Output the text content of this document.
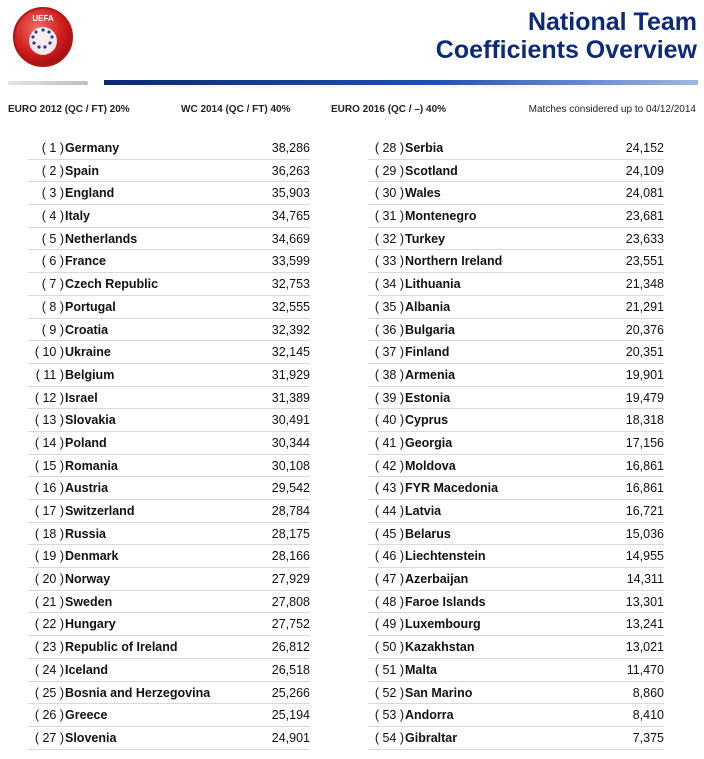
UEFA	National Team
Coefficients Overview
EURO 2012 (QC / FT) 20%	WC 2014 (QC / FT) 40%	EURO 2016 (QC / –) 40%	Matches considered up to 04/12/2014
( 1 ) Germany	38,286
( 2 ) Spain	36,263
( 3 ) England	35,903
( 4 ) Italy	34,765
( 5 ) Netherlands	34,669
( 6 ) France	33,599
( 7 ) Czech Republic	32,753
( 8 ) Portugal	32,555
( 9 ) Croatia	32,392
( 10 ) Ukraine	32,145
( 11 ) Belgium	31,929
( 12 ) Israel	31,389
( 13 ) Slovakia	30,491
( 14 ) Poland	30,344
( 15 ) Romania	30,108
( 16 ) Austria	29,542
( 17 ) Switzerland	28,784
( 18 ) Russia	28,175
( 19 ) Denmark	28,166
( 20 ) Norway	27,929
( 21 ) Sweden	27,808
( 22 ) Hungary	27,752
( 23 ) Republic of Ireland	26,812
( 24 ) Iceland	26,518
( 25 ) Bosnia and Herzegovina	25,266
( 26 ) Greece	25,194
( 27 ) Slovenia	24,901
( 28 ) Serbia	24,152
( 29 ) Scotland	24,109
( 30 ) Wales	24,081
( 31 ) Montenegro	23,681
( 32 ) Turkey	23,633
( 33 ) Northern Ireland	23,551
( 34 ) Lithuania	21,348
( 35 ) Albania	21,291
( 36 ) Bulgaria	20,376
( 37 ) Finland	20,351
( 38 ) Armenia	19,901
( 39 ) Estonia	19,479
( 40 ) Cyprus	18,318
( 41 ) Georgia	17,156
( 42 ) Moldova	16,861
( 43 ) FYR Macedonia	16,861
( 44 ) Latvia	16,721
( 45 ) Belarus	15,036
( 46 ) Liechtenstein	14,955
( 47 ) Azerbaijan	14,311
( 48 ) Faroe Islands	13,301
( 49 ) Luxembourg	13,241
( 50 ) Kazakhstan	13,021
( 51 ) Malta	11,470
( 52 ) San Marino	8,860
( 53 ) Andorra	8,410
( 54 ) Gibraltar	7,375
